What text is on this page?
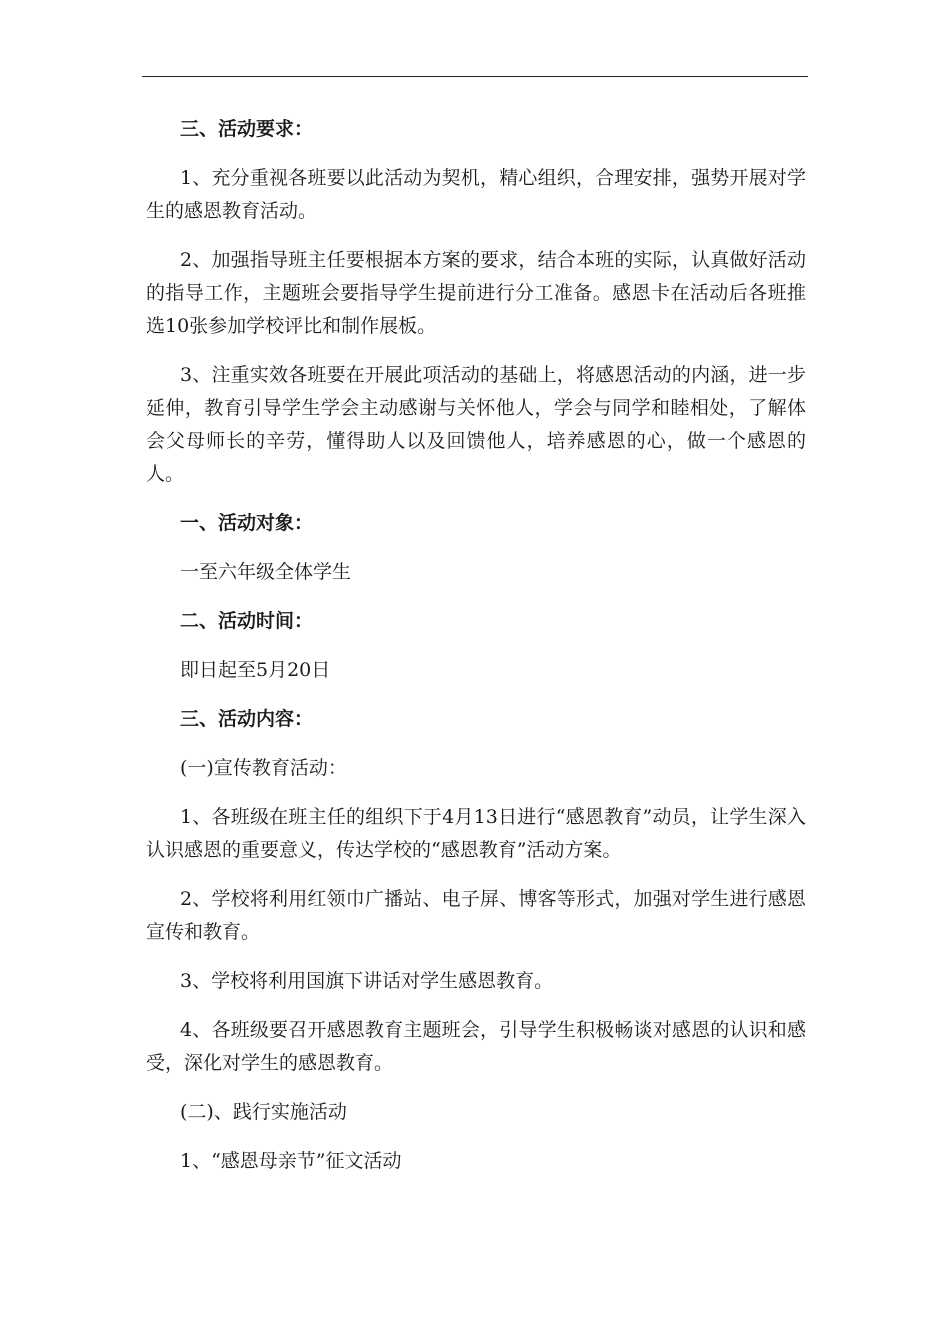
三、活动要求：
1、充分重视各班要以此活动为契机，精心组织，合理安排，强势开展对学生的感恩教育活动。
2、加强指导班主任要根据本方案的要求，结合本班的实际，认真做好活动的指导工作，主题班会要指导学生提前进行分工准备。感恩卡在活动后各班推选10张参加学校评比和制作展板。
3、注重实效各班要在开展此项活动的基础上，将感恩活动的内涵，进一步延伸，教育引导学生学会主动感谢与关怀他人，学会与同学和睦相处，了解体会父母师长的辛劳，懂得助人以及回馈他人，培养感恩的心，做一个感恩的人。
一、活动对象：
一至六年级全体学生
二、活动时间：
即日起至5月20日
三、活动内容：
(一)宣传教育活动：
1、各班级在班主任的组织下于4月13日进行“感恩教育”动员，让学生深入认识感恩的重要意义，传达学校的“感恩教育”活动方案。
2、学校将利用红领巾广播站、电子屏、博客等形式，加强对学生进行感恩宣传和教育。
3、学校将利用国旗下讲话对学生感恩教育。
4、各班级要召开感恩教育主题班会，引导学生积极畅谈对感恩的认识和感受，深化对学生的感恩教育。
(二)、践行实施活动
1、“感恩母亲节”征文活动
